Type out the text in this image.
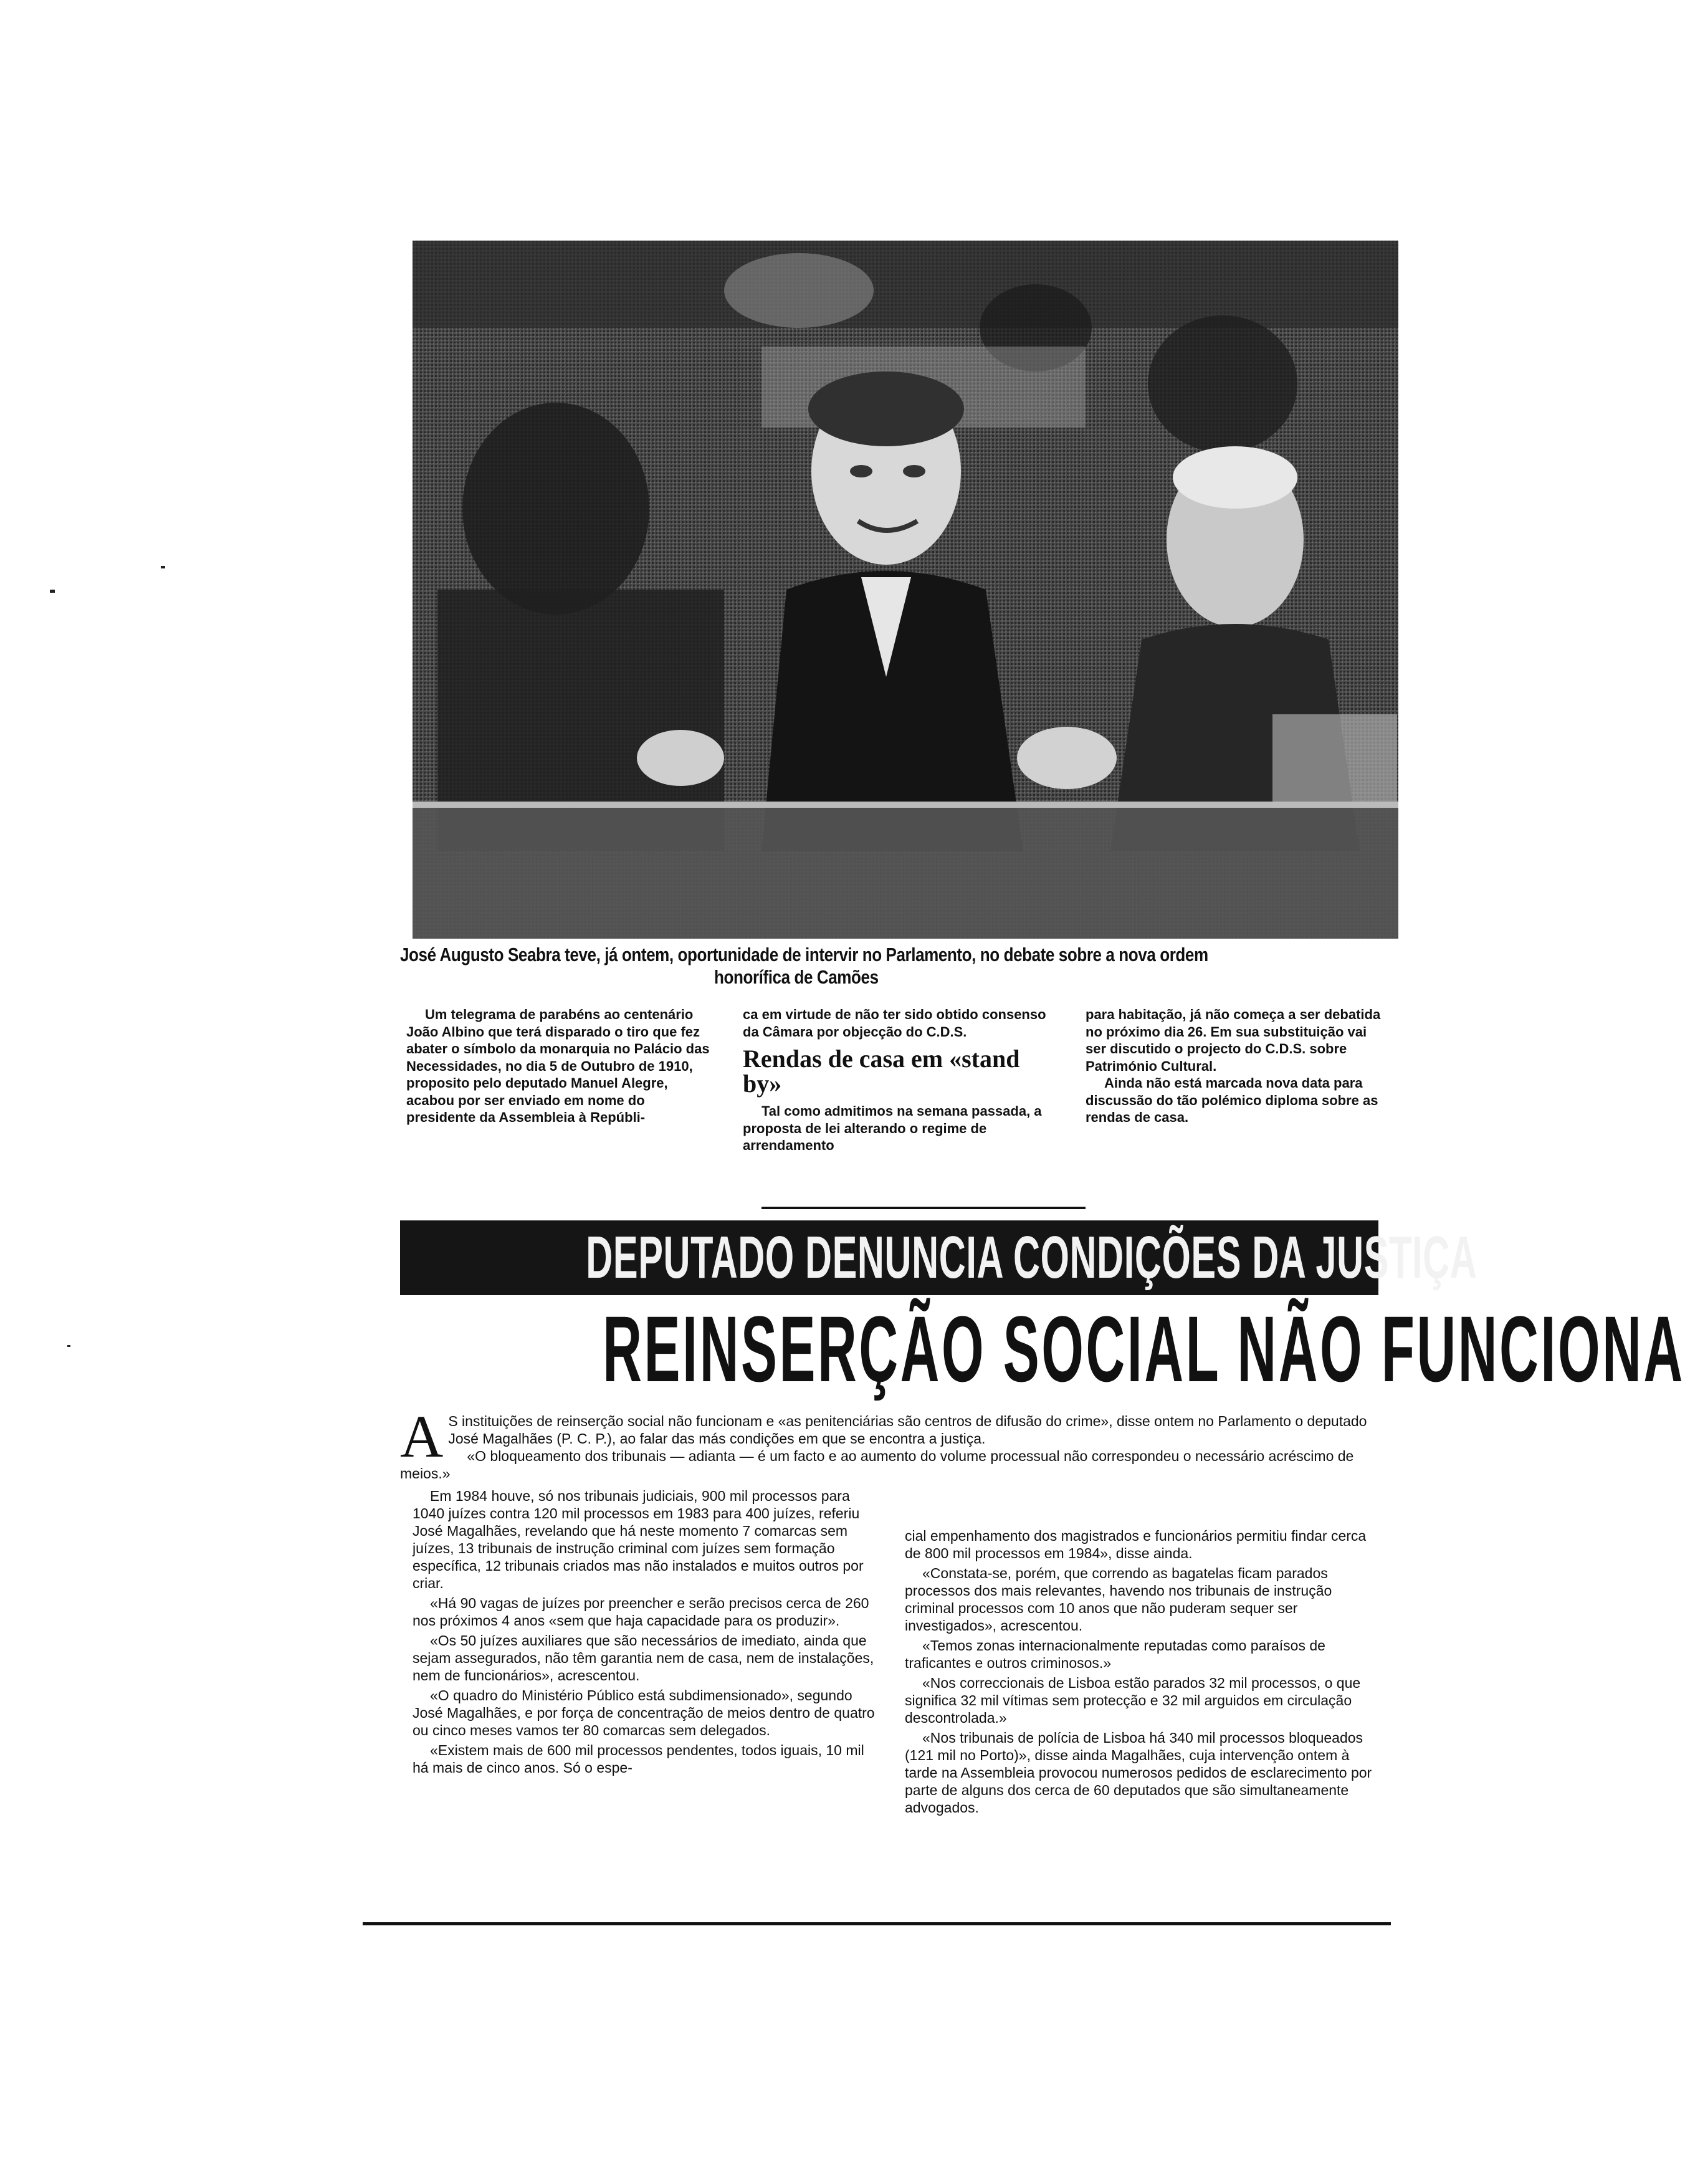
José Augusto Seabra teve, já ontem, oportunidade de intervir no Parlamento, no debate sobre a nova ordem
honorífica de Camões

Um telegrama de parabéns ao centenário João Albino que terá disparado o tiro que fez abater o símbolo da monarquia no Palácio das Necessidades, no dia 5 de Outubro de 1910, proposito pelo deputado Manuel Alegre, acabou por ser enviado em nome do presidente da Assembleia à Repúbli-

ca em virtude de não ter sido obtido consenso da Câmara por objecção do C.D.S.

Rendas de casa em «stand by»

Tal como admitimos na semana passada, a proposta de lei alterando o regime de arrendamento

para habitação, já não começa a ser debatida no próximo dia 26. Em sua substituição vai ser discutido o projecto do C.D.S. sobre Património Cultural.

Ainda não está marcada nova data para discussão do tão polémico diploma sobre as rendas de casa.

DEPUTADO DENUNCIA CONDIÇÕES DA JUSTIÇA
REINSERÇÃO SOCIAL NÃO FUNCIONA

A S instituições de reinserção social não funcionam e «as penitenciárias são centros de difusão do crime», disse ontem no Parlamento o deputado José Magalhães (P. C. P.), ao falar das más condições em que se encontra a justiça.

«O bloqueamento dos tribunais — adianta — é um facto e ao aumento do volume processual não correspondeu o necessário acréscimo de meios.»

Em 1984 houve, só nos tribunais judiciais, 900 mil processos para 1040 juízes contra 120 mil processos em 1983 para 400 juízes, referiu José Magalhães, revelando que há neste momento 7 comarcas sem juízes, 13 tribunais de instrução criminal com juízes sem formação específica, 12 tribunais criados mas não instalados e muitos outros por criar.

«Há 90 vagas de juízes por preencher e serão precisos cerca de 260 nos próximos 4 anos «sem que haja capacidade para os produzir».

«Os 50 juízes auxiliares que são necessários de imediato, ainda que sejam assegurados, não têm garantia nem de casa, nem de instalações, nem de funcionários», acrescentou.

«O quadro do Ministério Público está subdimensionado», segundo José Magalhães, e por força de concentração de meios dentro de quatro ou cinco meses vamos ter 80 comarcas sem delegados.

«Existem mais de 600 mil processos pendentes, todos iguais, 10 mil há mais de cinco anos. Só o espe-

cial empenhamento dos magistrados e funcionários permitiu findar cerca de 800 mil processos em 1984», disse ainda.

«Constata-se, porém, que correndo as bagatelas ficam parados processos dos mais relevantes, havendo nos tribunais de instrução criminal processos com 10 anos que não puderam sequer ser investigados», acrescentou.

«Temos zonas internacionalmente reputadas como paraísos de traficantes e outros criminosos.»

«Nos correccionais de Lisboa estão parados 32 mil processos, o que significa 32 mil vítimas sem protecção e 32 mil arguidos em circulação descontrolada.»

«Nos tribunais de polícia de Lisboa há 340 mil processos bloqueados (121 mil no Porto)», disse ainda Magalhães, cuja intervenção ontem à tarde na Assembleia provocou numerosos pedidos de esclarecimento por parte de alguns dos cerca de 60 deputados que são simultaneamente advogados.
